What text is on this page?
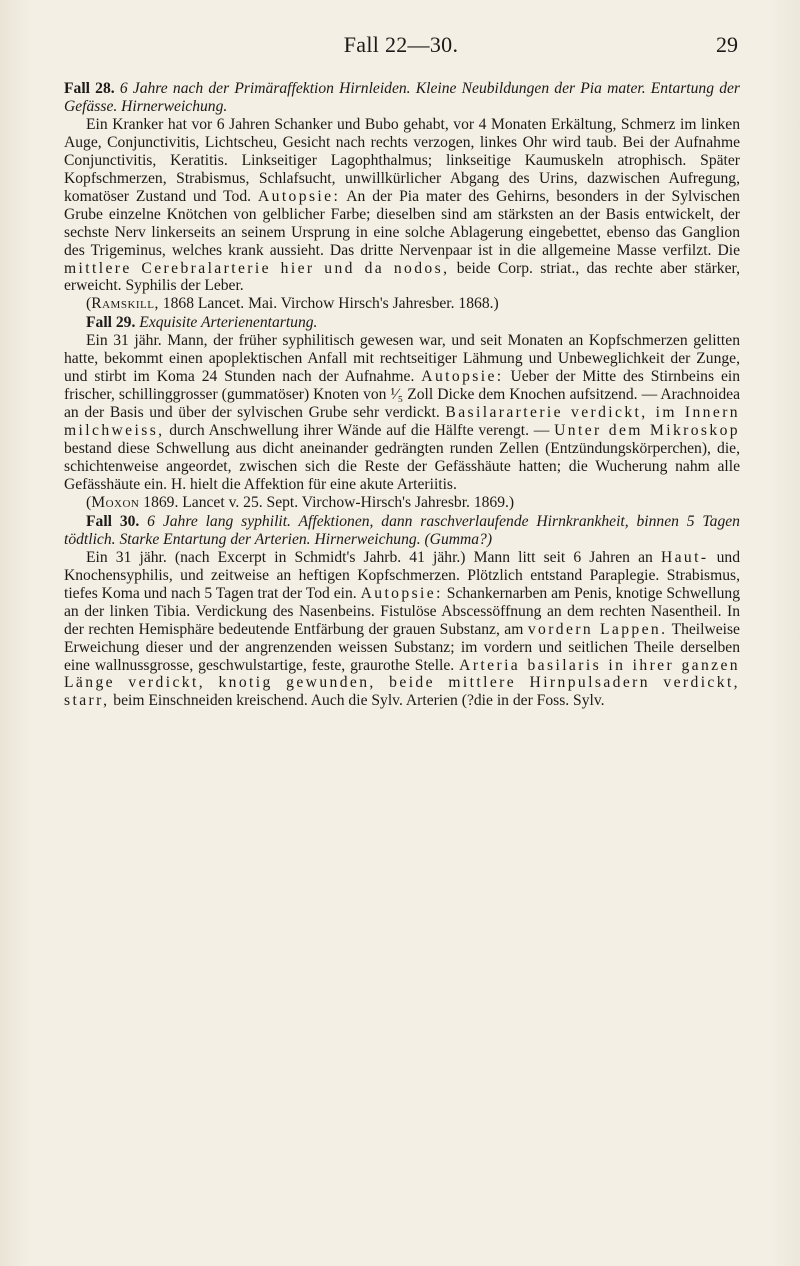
Fall 22—30.	29

Fall 28. 6 Jahre nach der Primäraffektion Hirnleiden. Kleine Neubildungen der Pia mater. Entartung der Gefässe. Hirnerweichung.

Ein Kranker hat vor 6 Jahren Schanker und Bubo gehabt, vor 4 Monaten Erkältung, Schmerz im linken Auge, Conjunctivitis, Lichtscheu, Gesicht nach rechts verzogen, linkes Ohr wird taub. Bei der Aufnahme Conjunctivitis, Keratitis. Linkseitiger Lagophthalmus; linkseitige Kaumuskeln atrophisch. Später Kopfschmerzen, Strabismus, Schlafsucht, unwillkürlicher Abgang des Urins, dazwischen Aufregung, komatöser Zustand und Tod. Autopsie: An der Pia mater des Gehirns, besonders in der Sylvischen Grube einzelne Knötchen von gelblicher Farbe; dieselben sind am stärksten an der Basis entwickelt, der sechste Nerv linkerseits an seinem Ursprung in eine solche Ablagerung eingebettet, ebenso das Ganglion des Trigeminus, welches krank aussieht. Das dritte Nervenpaar ist in die allgemeine Masse verfilzt. Die mittlere Cerebralarterie hier und da nodos, beide Corp. striat., das rechte aber stärker, erweicht. Syphilis der Leber.

(Ramskill, 1868 Lancet. Mai. Virchow Hirsch's Jahresber. 1868.)

Fall 29. Exquisite Arterienentartung.

Ein 31 jähr. Mann, der früher syphilitisch gewesen war, und seit Monaten an Kopfschmerzen gelitten hatte, bekommt einen apoplektischen Anfall mit rechtseitiger Lähmung und Unbeweglichkeit der Zunge, und stirbt im Koma 24 Stunden nach der Aufnahme. Autopsie: Ueber der Mitte des Stirnbeins ein frischer, schillinggrosser (gummatöser) Knoten von ¹⁄₅ Zoll Dicke dem Knochen aufsitzend. — Arachnoidea an der Basis und über der sylvischen Grube sehr verdickt. Basilararterie verdickt, im Innern milchweiss, durch Anschwellung ihrer Wände auf die Hälfte verengt. — Unter dem Mikroskop bestand diese Schwellung aus dicht aneinander gedrängten runden Zellen (Entzündungskörperchen), die, schichtenweise angeordet, zwischen sich die Reste der Gefässhäute hatten; die Wucherung nahm alle Gefässhäute ein. H. hielt die Affektion für eine akute Arteriitis.

(Moxon 1869. Lancet v. 25. Sept. Virchow-Hirsch's Jahresbr. 1869.)

Fall 30. 6 Jahre lang syphilit. Affektionen, dann raschverlaufende Hirnkrankheit, binnen 5 Tagen tödtlich. Starke Entartung der Arterien. Hirnerweichung. (Gumma?)

Ein 31 jähr. (nach Excerpt in Schmidt's Jahrb. 41 jähr.) Mann litt seit 6 Jahren an Haut- und Knochensyphilis, und zeitweise an heftigen Kopfschmerzen. Plötzlich entstand Paraplegie. Strabismus, tiefes Koma und nach 5 Tagen trat der Tod ein. Autopsie: Schankernarben am Penis, knotige Schwellung an der linken Tibia. Verdickung des Nasenbeins. Fistulöse Abscessöffnung an dem rechten Nasentheil. In der rechten Hemisphäre bedeutende Entfärbung der grauen Substanz, am vordern Lappen. Theilweise Erweichung dieser und der angrenzenden weissen Substanz; im vordern und seitlichen Theile derselben eine wallnussgrosse, geschwulstartige, feste, graurothe Stelle. Arteria basilaris in ihrer ganzen Länge verdickt, knotig gewunden, beide mittlere Hirnpulsadern verdickt, starr, beim Einschneiden kreischend. Auch die Sylv. Arterien (?die in der Foss. Sylv.
